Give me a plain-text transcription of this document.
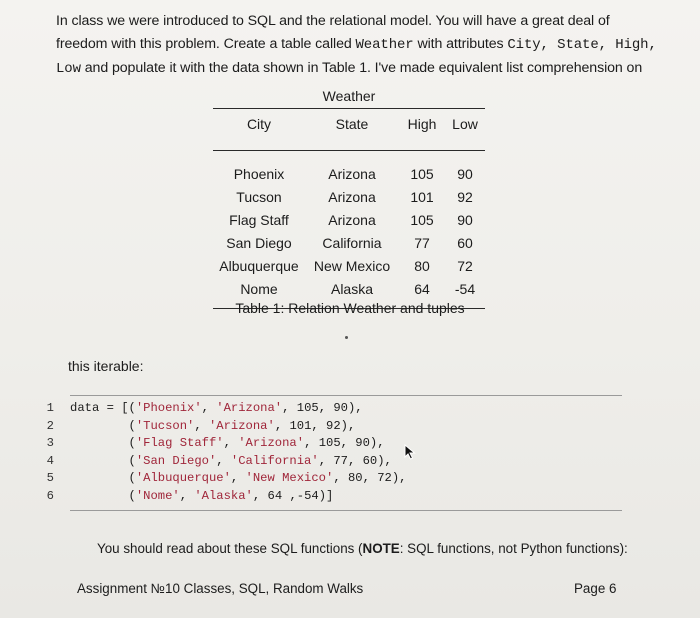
In class we were introduced to SQL and the relational model. You will have a great deal of
freedom with this problem. Create a table called Weather with attributes City, State, High,
Low and populate it with the data shown in Table 1. I've made equivalent list comprehension on
Weather
City	State	High	Low

Phoenix	Arizona	105	90
Tucson	Arizona	101	92
Flag Staff	Arizona	105	90
San Diego	California	77	60
Albuquerque	New Mexico	80	72
Nome	Alaska	64	-54
Table 1: Relation Weather and tuples
this iterable:
1 data = [( 'Phoenix' , 'Arizona' , 105, 90),
2 ( 'Tucson' , 'Arizona' , 101, 92),
3 ( 'Flag Staff' , 'Arizona' , 105, 90),
4 ( 'San Diego' , 'California' , 77, 60),
5 ( 'Albuquerque' , 'New Mexico' , 80, 72),
6 ( 'Nome' , 'Alaska' , 64 ,-54)]
You should read about these SQL functions (NOTE: SQL functions, not Python functions):
Assignment №10 Classes, SQL, Random Walks	Page 6
